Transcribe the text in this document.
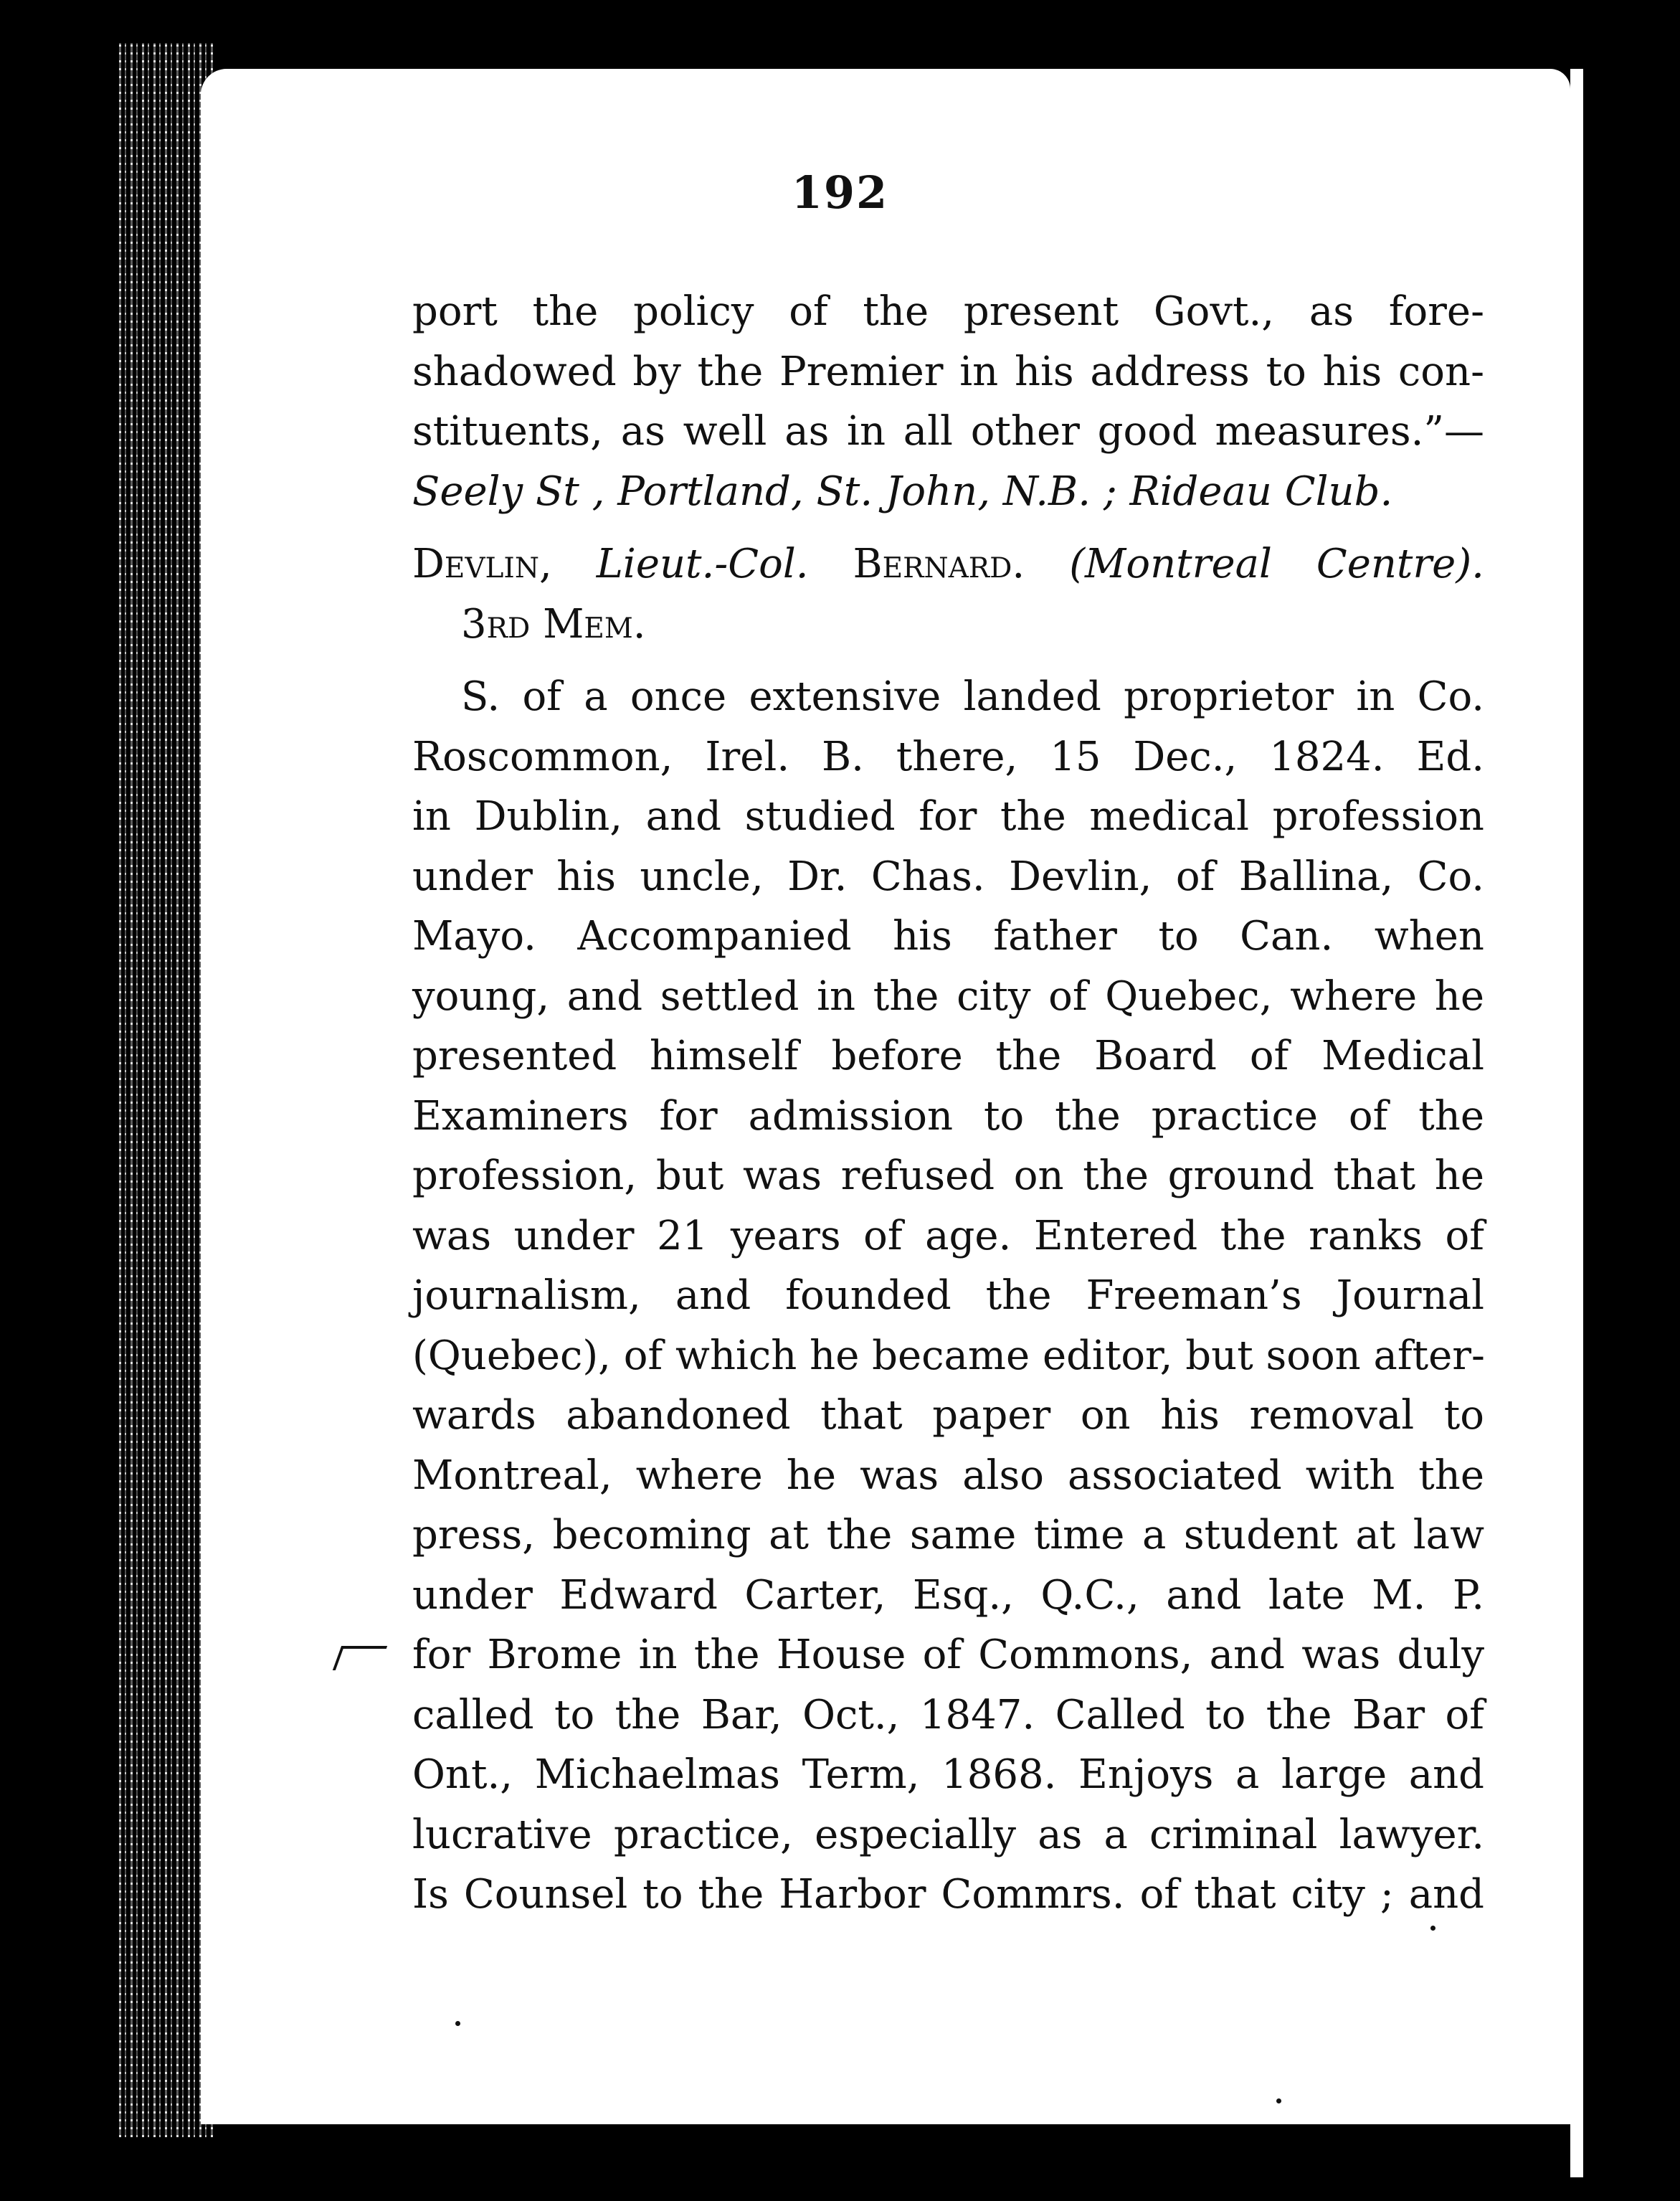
192
port the policy of the present Govt., as fore-
shadowed by the Premier in his address to his con-
stituents, as well as in all other good measures.”—
Seely St , Portland, St. John, N.B. ; Rideau Club.
Devlin, Lieut.-Col. Bernard. (Montreal Centre).
3rd Mem.
S. of a once extensive landed proprietor in Co.
Roscommon, Irel. B. there, 15 Dec., 1824. Ed.
in Dublin, and studied for the medical profession
under his uncle, Dr. Chas. Devlin, of Ballina, Co.
Mayo. Accompanied his father to Can. when
young, and settled in the city of Quebec, where he
presented himself before the Board of Medical
Examiners for admission to the practice of the
profession, but was refused on the ground that he
was under 21 years of age. Entered the ranks of
journalism, and founded the Freeman’s Journal
(Quebec), of which he became editor, but soon after-
wards abandoned that paper on his removal to
Montreal, where he was also associated with the
press, becoming at the same time a student at law
under Edward Carter, Esq., Q.C., and late M. P.
for Brome in the House of Commons, and was duly
called to the Bar, Oct., 1847. Called to the Bar of
Ont., Michaelmas Term, 1868. Enjoys a large and
lucrative practice, especially as a criminal lawyer.
Is Counsel to the Harbor Commrs. of that city ; and
